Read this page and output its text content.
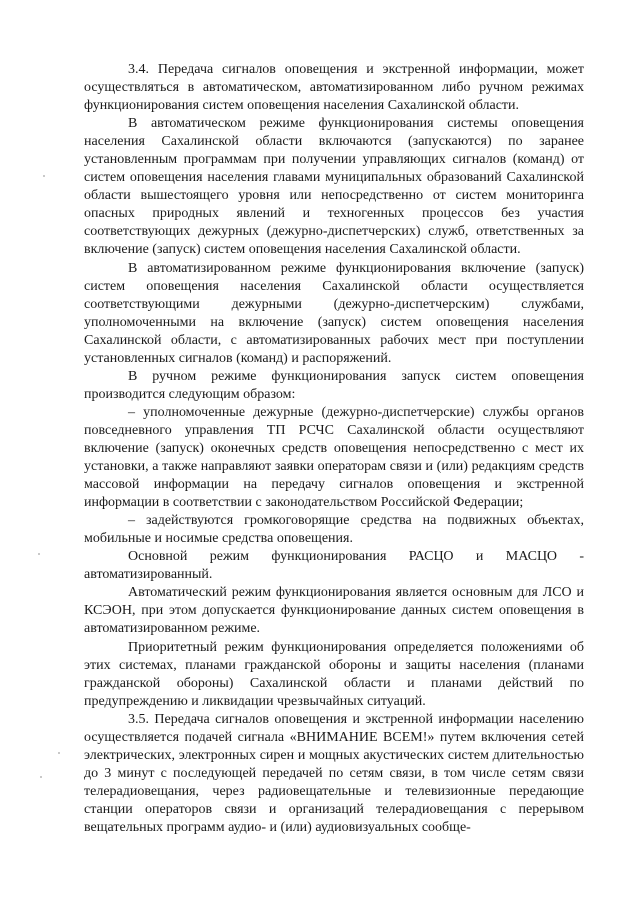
3.4. Передача сигналов оповещения и экстренной информации, может осуществляться в автоматическом, автоматизированном либо ручном режимах функционирования систем оповещения населения Сахалинской области.

В автоматическом режиме функционирования системы оповещения населения Сахалинской области включаются (запускаются) по заранее установленным программам при получении управляющих сигналов (команд) от систем оповещения населения главами муниципальных образований Сахалинской области вышестоящего уровня или непосредственно от систем мониторинга опасных природных явлений и техногенных процессов без участия соответствующих дежурных (дежурно-диспетчерских) служб, ответственных за включение (запуск) систем оповещения населения Сахалинской области.

В автоматизированном режиме функционирования включение (запуск) систем оповещения населения Сахалинской области осуществляется соответствующими дежурными (дежурно-диспетчерским) службами, уполномоченными на включение (запуск) систем оповещения населения Сахалинской области, с автоматизированных рабочих мест при поступлении установленных сигналов (команд) и распоряжений.

В ручном режиме функционирования запуск систем оповещения производится следующим образом:

– уполномоченные дежурные (дежурно-диспетчерские) службы органов повседневного управления ТП РСЧС Сахалинской области осуществляют включение (запуск) оконечных средств оповещения непосредственно с мест их установки, а также направляют заявки операторам связи и (или) редакциям средств массовой информации на передачу сигналов оповещения и экстренной информации в соответствии с законодательством Российской Федерации;

– задействуются громкоговорящие средства на подвижных объектах, мобильные и носимые средства оповещения.

Основной режим функционирования РАСЦО и МАСЦО - автоматизированный.

Автоматический режим функционирования является основным для ЛСО и КСЭОН, при этом допускается функционирование данных систем оповещения в автоматизированном режиме.

Приоритетный режим функционирования определяется положениями об этих системах, планами гражданской обороны и защиты населения (планами гражданской обороны) Сахалинской области и планами действий по предупреждению и ликвидации чрезвычайных ситуаций.

3.5. Передача сигналов оповещения и экстренной информации населению осуществляется подачей сигнала «ВНИМАНИЕ ВСЕМ!» путем включения сетей электрических, электронных сирен и мощных акустических систем длительностью до 3 минут с последующей передачей по сетям связи, в том числе сетям связи телерадиовещания, через радиовещательные и телевизионные передающие станции операторов связи и организаций телерадиовещания с перерывом вещательных программ аудио- и (или) аудиовизуальных сообще-
